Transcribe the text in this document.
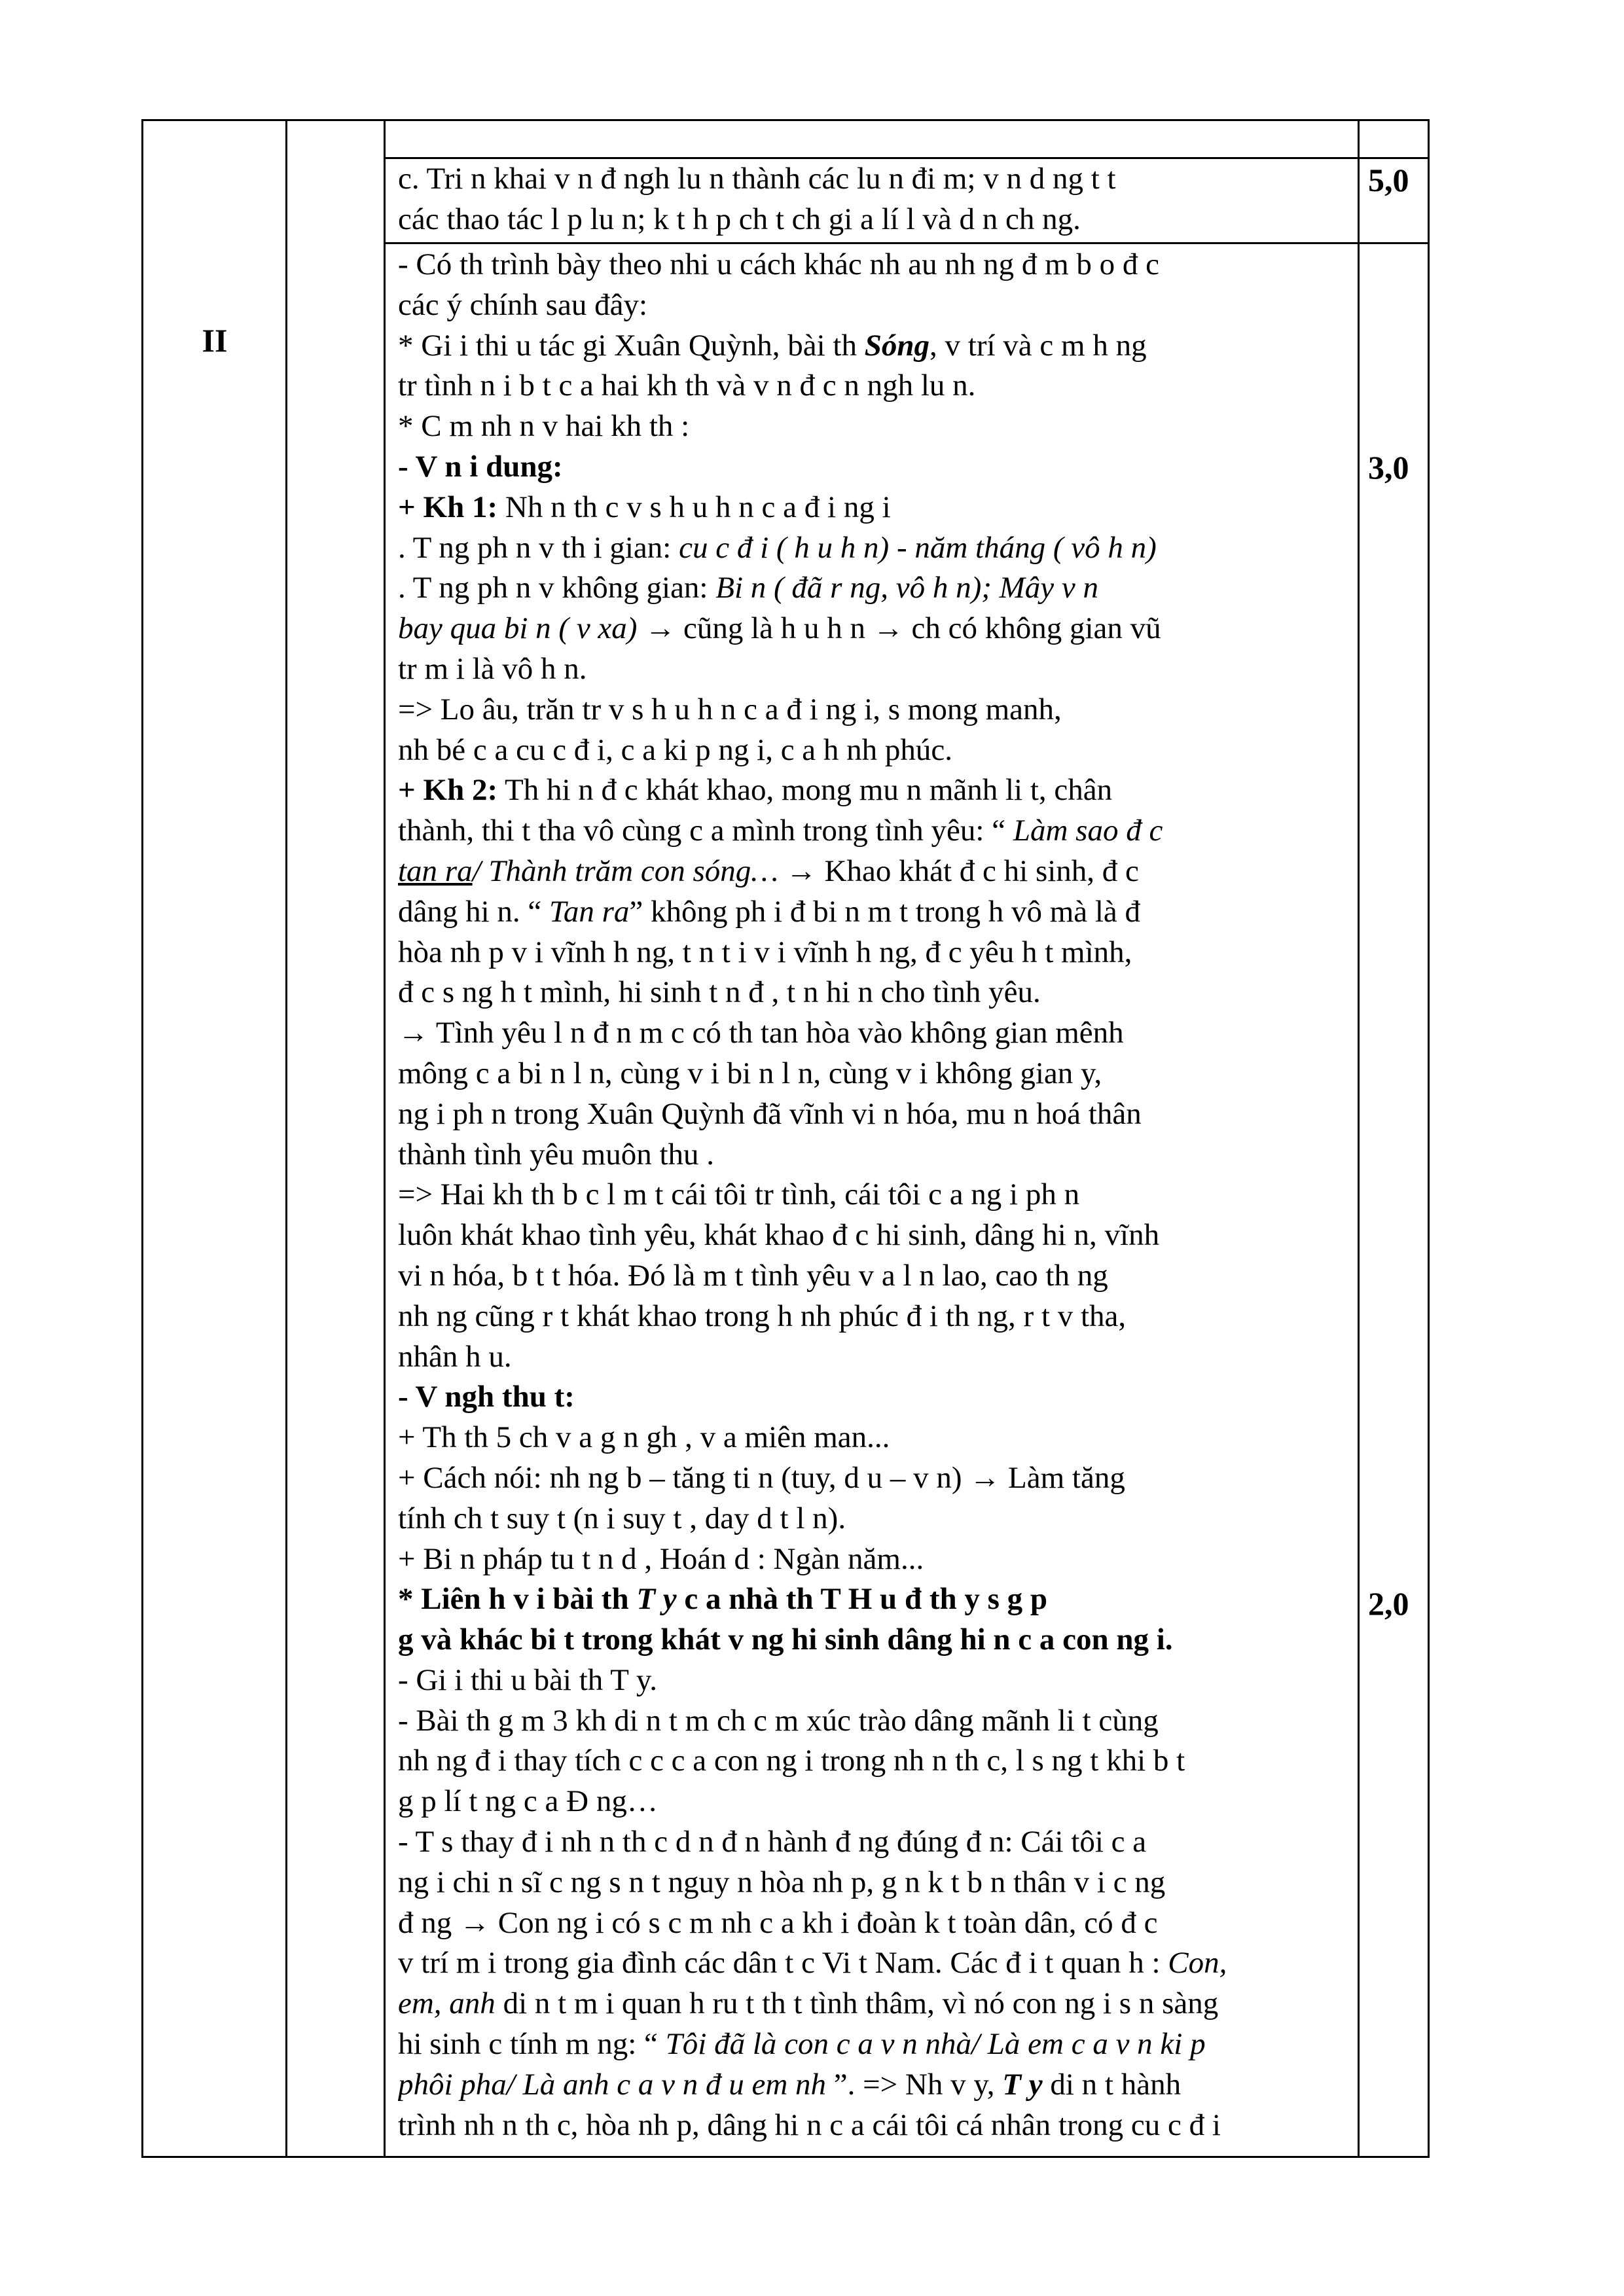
II
5,0
3,0
2,0
c. Tri n khai v n đ ngh lu n thành các lu n đi m; v n d ng t t
các thao tác l p lu n; k t h p ch t ch gi a lí l và d n ch ng.
- Có th trình bày theo nhi u cách khác nh au nh ng đ m b o đ c
các ý chính sau đây:
* Gi i thi u tác gi Xuân Quỳnh, bài th Sóng, v trí và c m h ng
tr tình n i b t c a hai kh th và v n đ c n ngh lu n.
* C m nh n v hai kh th :
- V n i dung:
+ Kh 1: Nh n th c v s h u h n c a đ i ng i
. T ng ph n v th i gian: cu c đ i ( h u h n) - năm tháng ( vô h n)
. T ng ph n v không gian: Bi n ( đã r ng, vô h n); Mây v n
bay qua bi n ( v xa) → cũng là h u h n → ch có không gian vũ
tr m i là vô h n.
=> Lo âu, trăn tr v s h u h n c a đ i ng i, s mong manh,
nh bé c a cu c đ i, c a ki p ng i, c a h nh phúc.
+ Kh 2: Th hi n đ c khát khao, mong mu n mãnh li t, chân
thành, thi t tha vô cùng c a mình trong tình yêu: “ Làm sao đ c
tan ra/ Thành trăm con sóng… → Khao khát đ c hi sinh, đ c
dâng hi n. “ Tan ra” không ph i đ bi n m t trong h vô mà là đ
hòa nh p v i vĩnh h ng, t n t i v i vĩnh h ng, đ c yêu h t mình,
đ c s ng h t mình, hi sinh t n đ , t n hi n cho tình yêu.
→ Tình yêu l n đ n m c có th tan hòa vào không gian mênh
mông c a bi n l n, cùng v i bi n l n, cùng v i không gian y,
ng i ph n trong Xuân Quỳnh đã vĩnh vi n hóa, mu n hoá thân
thành tình yêu muôn thu .
=> Hai kh th b c l m t cái tôi tr tình, cái tôi c a ng i ph n
luôn khát khao tình yêu, khát khao đ c hi sinh, dâng hi n, vĩnh
vi n hóa, b t t hóa. Đó là m t tình yêu v a l n lao, cao th ng
nh ng cũng r t khát khao trong h nh phúc đ i th ng, r t v tha,
nhân h u.
- V ngh thu t:
+ Th th 5 ch v a g n gh , v a miên man...
+ Cách nói: nh ng b – tăng ti n (tuy, d u – v n) → Làm tăng
tính ch t suy t (n i suy t , day d t l n).
+ Bi n pháp tu t n d , Hoán d : Ngàn năm...
* Liên h v i bài th T y c a nhà th T H u đ th y s g p
g và khác bi t trong khát v ng hi sinh dâng hi n c a con ng i.
- Gi i thi u bài th T y.
- Bài th g m 3 kh di n t m ch c m xúc trào dâng mãnh li t cùng
nh ng đ i thay tích c c c a con ng i trong nh n th c, l s ng t khi b t
g p lí t ng c a Đ ng…
- T s thay đ i nh n th c d n đ n hành đ ng đúng đ n: Cái tôi c a
ng i chi n sĩ c ng s n t nguy n hòa nh p, g n k t b n thân v i c ng
đ ng → Con ng i có s c m nh c a kh i đoàn k t toàn dân, có đ c
v trí m i trong gia đình các dân t c Vi t Nam. Các đ i t quan h : Con,
em, anh di n t m i quan h ru t th t tình thâm, vì nó con ng i s n sàng
hi sinh c tính m ng: “ Tôi đã là con c a v n nhà/ Là em c a v n ki p
phôi pha/ Là anh c a v n đ u em nh ”. => Nh v y, T y di n t hành
trình nh n th c, hòa nh p, dâng hi n c a cái tôi cá nhân trong cu c đ i
